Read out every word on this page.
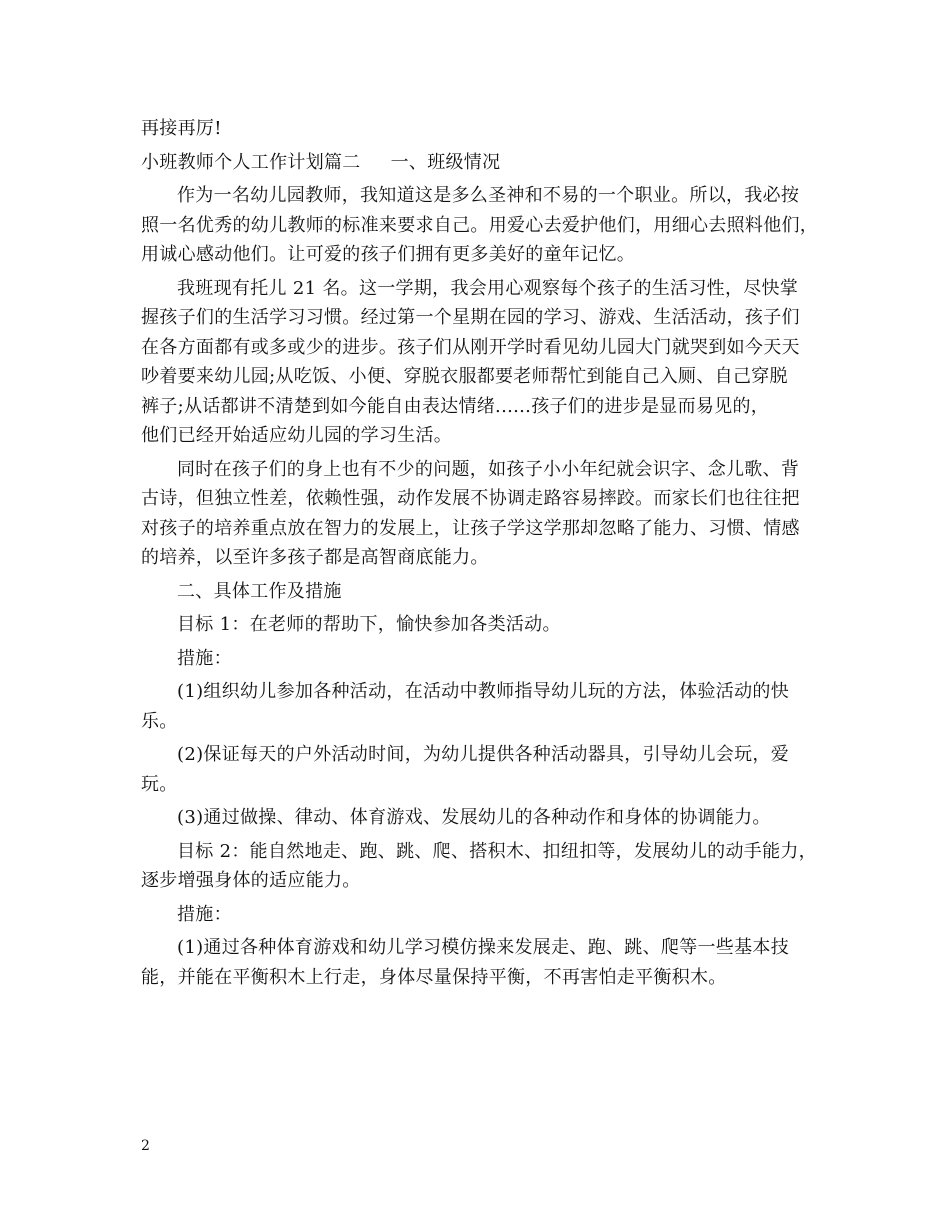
再接再厉!
小班教师个人工作计划篇二 一、班级情况
作为一名幼儿园教师，我知道这是多么圣神和不易的一个职业。所以，我必按
照一名优秀的幼儿教师的标准来要求自己。用爱心去爱护他们，用细心去照料他们，
用诚心感动他们。让可爱的孩子们拥有更多美好的童年记忆。
我班现有托儿 21 名。这一学期，我会用心观察每个孩子的生活习性，尽快掌
握孩子们的生活学习习惯。经过第一个星期在园的学习、游戏、生活活动，孩子们
在各方面都有或多或少的进步。孩子们从刚开学时看见幼儿园大门就哭到如今天天
吵着要来幼儿园;从吃饭、小便、穿脱衣服都要老师帮忙到能自己入厕、自己穿脱
裤子;从话都讲不清楚到如今能自由表达情绪......孩子们的进步是显而易见的，
他们已经开始适应幼儿园的学习生活。
同时在孩子们的身上也有不少的问题，如孩子小小年纪就会识字、念儿歌、背
古诗，但独立性差，依赖性强，动作发展不协调走路容易摔跤。而家长们也往往把
对孩子的培养重点放在智力的发展上，让孩子学这学那却忽略了能力、习惯、情感
的培养，以至许多孩子都是高智商底能力。
二、具体工作及措施
目标 1：在老师的帮助下，愉快参加各类活动。
措施：
(1)组织幼儿参加各种活动，在活动中教师指导幼儿玩的方法，体验活动的快
乐。
(2)保证每天的户外活动时间，为幼儿提供各种活动器具，引导幼儿会玩，爱
玩。
(3)通过做操、律动、体育游戏、发展幼儿的各种动作和身体的协调能力。
目标 2：能自然地走、跑、跳、爬、搭积木、扣纽扣等，发展幼儿的动手能力，
逐步增强身体的适应能力。
措施：
(1)通过各种体育游戏和幼儿学习模仿操来发展走、跑、跳、爬等一些基本技
能，并能在平衡积木上行走，身体尽量保持平衡，不再害怕走平衡积木。
2
